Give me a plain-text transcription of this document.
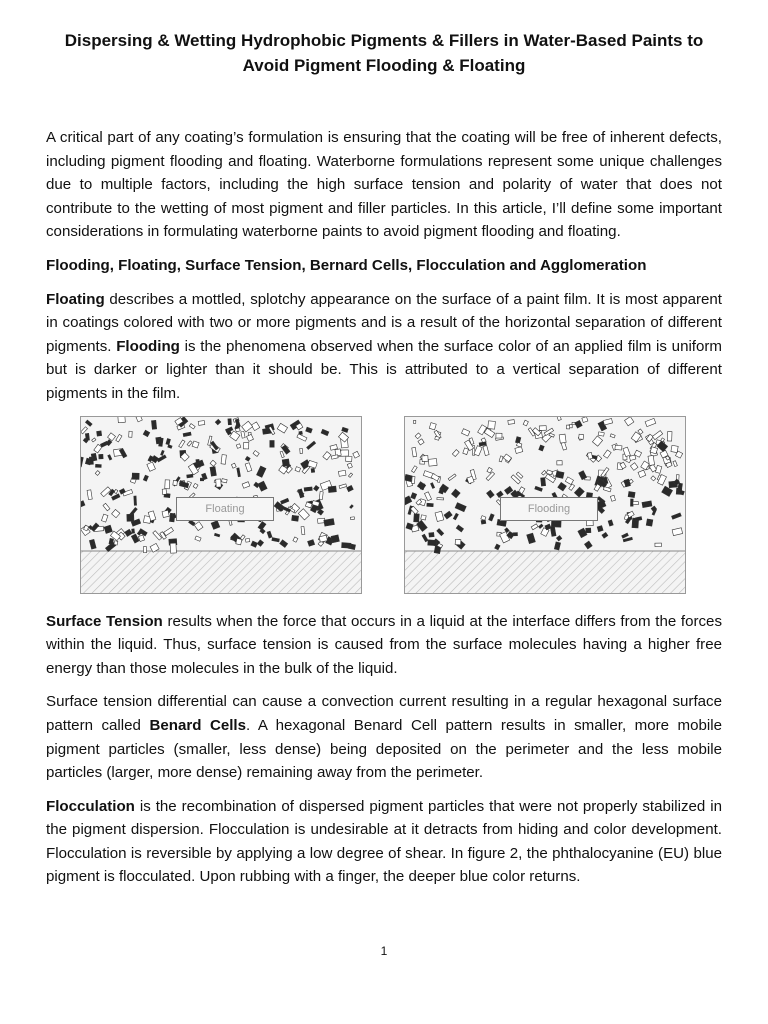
Dispersing & Wetting Hydrophobic Pigments & Fillers in Water-Based Paints to
Avoid Pigment Flooding & Floating

A critical part of any coating’s formulation is ensuring that the coating will be free of inherent defects, including pigment flooding and floating. Waterborne formulations represent some unique challenges due to multiple factors, including the high surface tension and polarity of water that does not contribute to the wetting of most pigment and filler particles. In this article, I’ll define some important considerations in formulating waterborne paints to avoid pigment flooding and floating.

Flooding, Floating, Surface Tension, Bernard Cells, Flocculation and Agglomeration

Floating describes a mottled, splotchy appearance on the surface of a paint film. It is most apparent in coatings colored with two or more pigments and is a result of the horizontal separation of different pigments. Flooding is the phenomena observed when the surface color of an applied film is uniform but is darker or lighter than it should be. This is attributed to a vertical separation of different pigments in the film.

Floating	Flooding

Surface Tension results when the force that occurs in a liquid at the interface differs from the forces within the liquid. Thus, surface tension is caused from the surface molecules having a higher free energy than those molecules in the bulk of the liquid.

Surface tension differential can cause a convection current resulting in a regular hexagonal surface pattern called Benard Cells. A hexagonal Benard Cell pattern results in smaller, more mobile pigment particles (smaller, less dense) being deposited on the perimeter and the less mobile particles (larger, more dense) remaining away from the perimeter.

Flocculation is the recombination of dispersed pigment particles that were not properly stabilized in the pigment dispersion. Flocculation is undesirable at it detracts from hiding and color development. Flocculation is reversible by applying a low degree of shear. In figure 2, the phthalocyanine (EU) blue pigment is flocculated. Upon rubbing with a finger, the deeper blue color returns.

1
